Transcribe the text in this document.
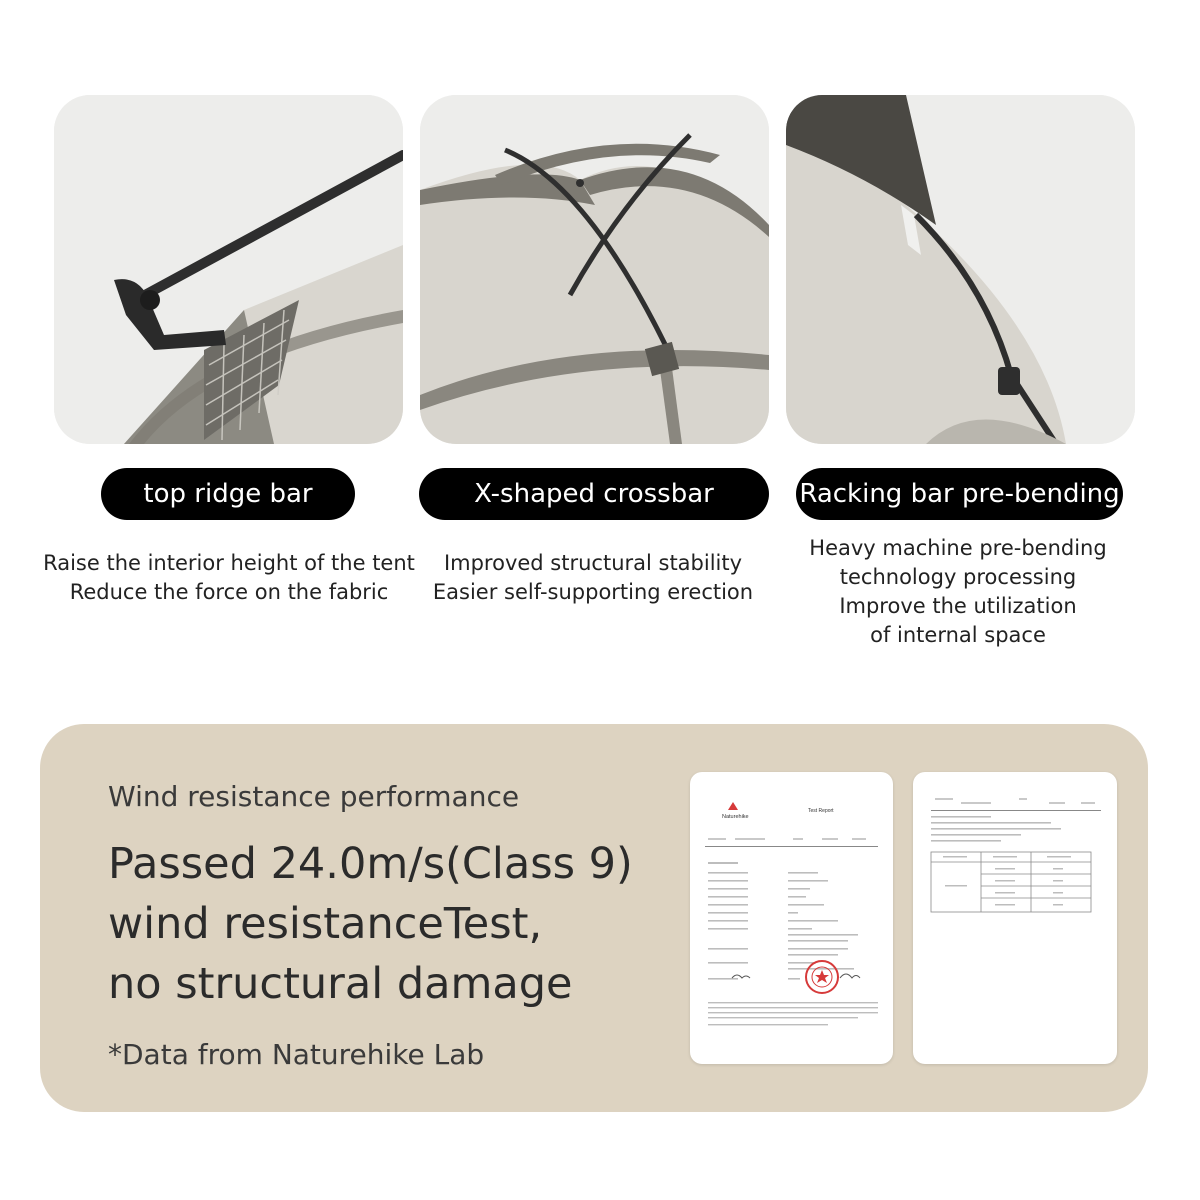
top ridge bar	X-shaped crossbar	Racking bar pre-bending
Raise the interior height of the tent
Reduce the force on the fabric
Improved structural stability
Easier self-supporting erection
Heavy machine pre-bending
technology processing
Improve the utilization
of internal space
Wind resistance performance
Passed 24.0m/s(Class 9)
wind resistanceTest,
no structural damage
*Data from Naturehike Lab
Naturehike
Test Report
